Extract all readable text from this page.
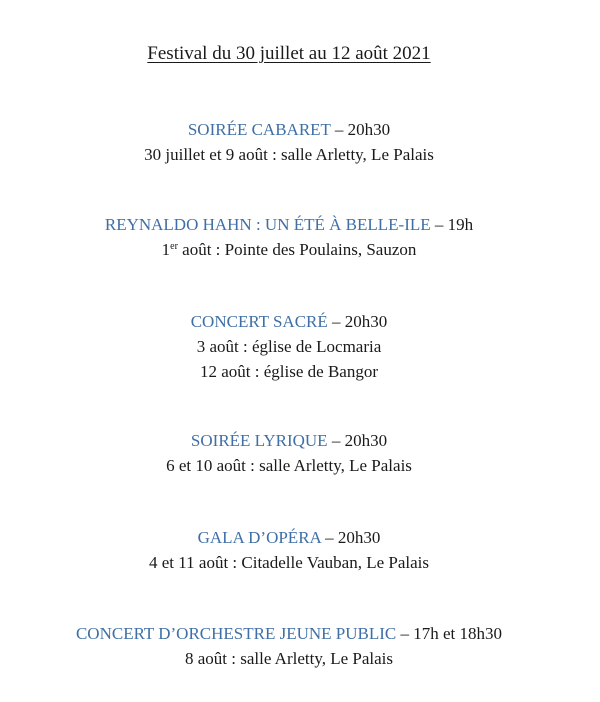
Festival du 30 juillet au 12 août 2021
SOIRÉE CABARET – 20h30
30 juillet et 9 août : salle Arletty, Le Palais
REYNALDO HAHN : UN ÉTÉ À BELLE-ILE – 19h
1er août : Pointe des Poulains, Sauzon
CONCERT SACRÉ – 20h30
3 août : église de Locmaria
12 août : église de Bangor
SOIRÉE LYRIQUE – 20h30
6 et 10 août : salle Arletty, Le Palais
GALA D’OPÉRA – 20h30
4 et 11 août : Citadelle Vauban, Le Palais
CONCERT D’ORCHESTRE JEUNE PUBLIC – 17h et 18h30
8 août : salle Arletty, Le Palais
